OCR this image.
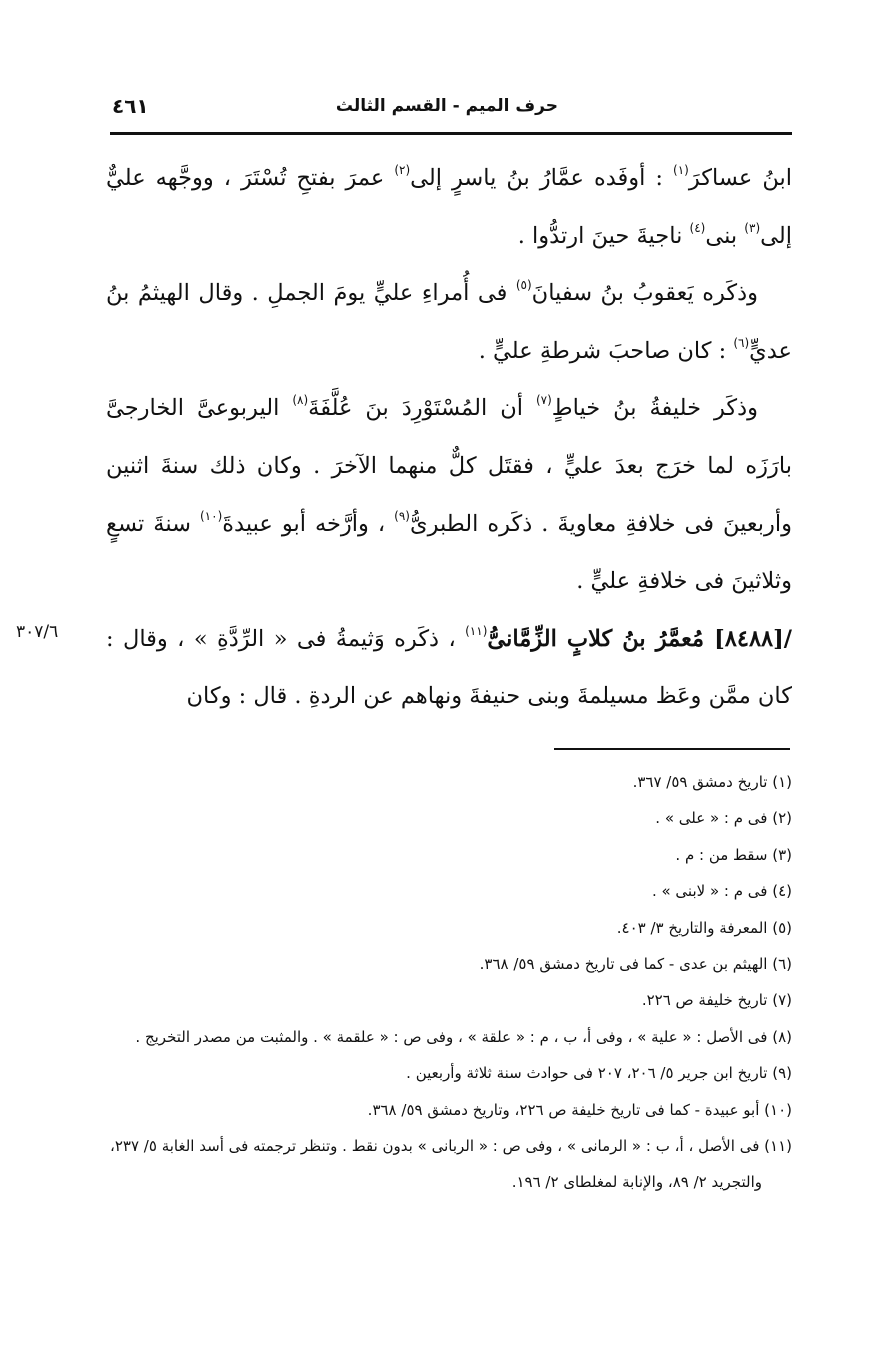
حرف الميم - القسم الثالث
٤٦١

ابنُ عساكرَ$^{(١)}$ : أوفَده عمَّارُ بنُ ياسرٍ إلى$^{(٢)}$ عمرَ بفتحِ تُسْتَرَ ، ووجَّهه عليٌّ إلى$^{(٣)}$ بنى$^{(٤)}$ ناجيةَ حينَ ارتدُّوا .

وذكَره يَعقوبُ بنُ سفيانَ$^{(٥)}$ فى أُمراءِ عليٍّ يومَ الجملِ . وقال الهيثمُ بنُ عديٍّ$^{(٦)}$ : كان صاحبَ شرطةِ عليٍّ .

وذكَر خليفةُ بنُ خياطٍ$^{(٧)}$ أن المُسْتَوْرِدَ بنَ عُلَّفَةَ$^{(٨)}$ اليربوعىَّ الخارجىَّ بارَزَه لما خرَج بعدَ عليٍّ ، فقتَل كلٌّ منهما الآخرَ . وكان ذلك سنةَ اثنين وأربعينَ فى خلافةِ معاويةَ . ذكَره الطبرىُّ$^{(٩)}$ ، وأرَّخه أبو عبيدةَ$^{(١٠)}$ سنةَ تسعٍ وثلاثينَ فى خلافةِ عليٍّ .

/[٨٤٨٨] مُعمَّرُ بنُ كلابٍ الزِّمَّانىُّ$^{(١١)}$ ، ذكَره وَثيمةُ فى « الرِّدَّةِ » ، وقال : كان ممَّن وعَظ مسيلمةَ وبنى حنيفةَ ونهاهم عن الردةِ . قال : وكان

٣٠٧/٦

(١) تاريخ دمشق ٥٩/ ٣٦٧.

(٢) فى م : « على » .

(٣) سقط من : م .

(٤) فى م : « لابنى » .

(٥) المعرفة والتاريخ ٣/ ٤٠٣.

(٦) الهيثم بن عدى - كما فى تاريخ دمشق ٥٩/ ٣٦٨.

(٧) تاريخ خليفة ص ٢٢٦.

(٨) فى الأصل : « علية » ، وفى أ، ب ، م : « علقة » ، وفى ص : « علقمة » . والمثبت من مصدر التخريج .

(٩) تاريخ ابن جرير ٥/ ٢٠٦، ٢٠٧ فى حوادث سنة ثلاثة وأربعين .

(١٠) أبو عبيدة - كما فى تاريخ خليفة ص ٢٢٦، وتاريخ دمشق ٥٩/ ٣٦٨.

(١١) فى الأصل ، أ، ب : « الرمانى » ، وفى ص : « الربانى » بدون نقط . وتنظر ترجمته فى أسد الغابة ٥/ ٢٣٧، والتجريد ٢/ ٨٩، والإنابة لمغلطاى ٢/ ١٩٦.
